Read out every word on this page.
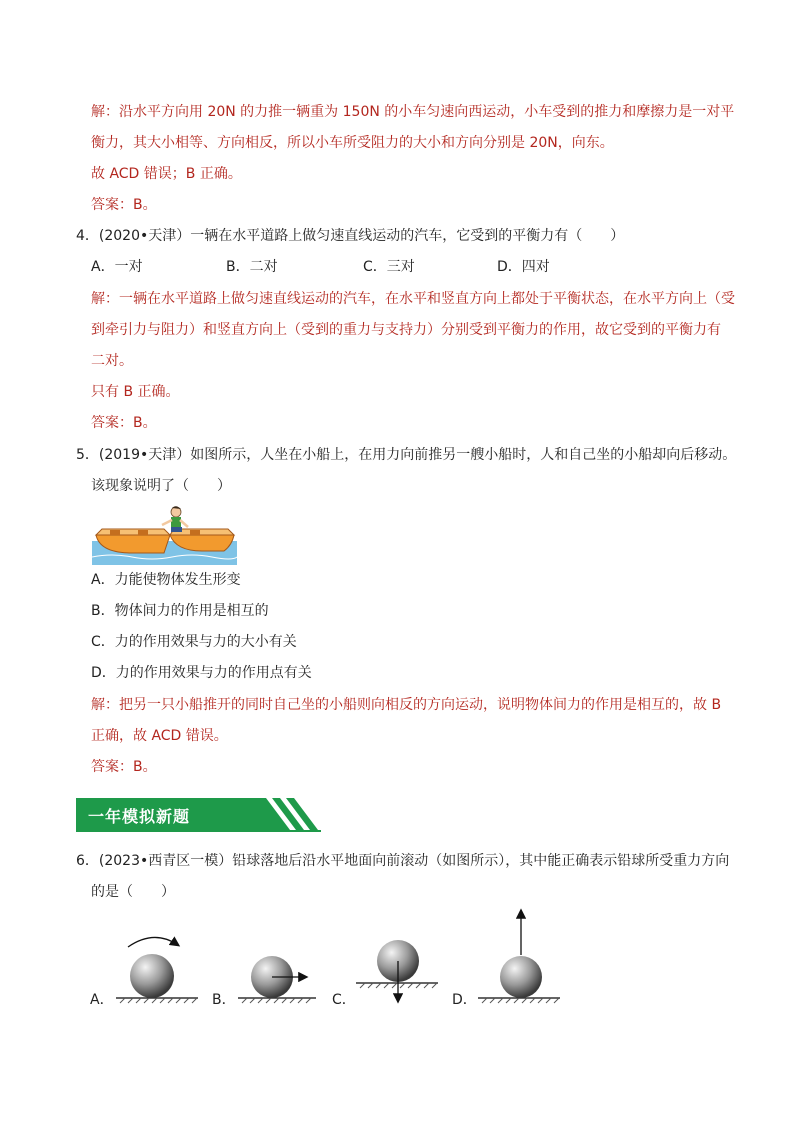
解：沿水平方向用 20N 的力推一辆重为 150N 的小车匀速向西运动，小车受到的推力和摩擦力是一对平
衡力，其大小相等、方向相反，所以小车所受阻力的大小和方向分别是 20N，向东。
故 ACD 错误；B 正确。
答案：B。
4．(2020•天津）一辆在水平道路上做匀速直线运动的汽车，它受到的平衡力有（　　）
A．一对	B．二对	C．三对	D．四对
解：一辆在水平道路上做匀速直线运动的汽车，在水平和竖直方向上都处于平衡状态，在水平方向上（受
到牵引力与阻力）和竖直方向上（受到的重力与支持力）分别受到平衡力的作用，故它受到的平衡力有
二对。
只有 B 正确。
答案：B。
5．(2019•天津）如图所示，人坐在小船上，在用力向前推另一艘小船时，人和自己坐的小船却向后移动。
该现象说明了（　　）
A．力能使物体发生形变
B．物体间力的作用是相互的
C．力的作用效果与力的大小有关
D．力的作用效果与力的作用点有关
解：把另一只小船推开的同时自己坐的小船则向相反的方向运动，说明物体间力的作用是相互的，故 B
正确，故 ACD 错误。
答案：B。
一年模拟新题
6．(2023•西青区一模）铅球落地后沿水平地面向前滚动（如图所示），其中能正确表示铅球所受重力方向
的是（　　）
A．	B．	C．	D．
